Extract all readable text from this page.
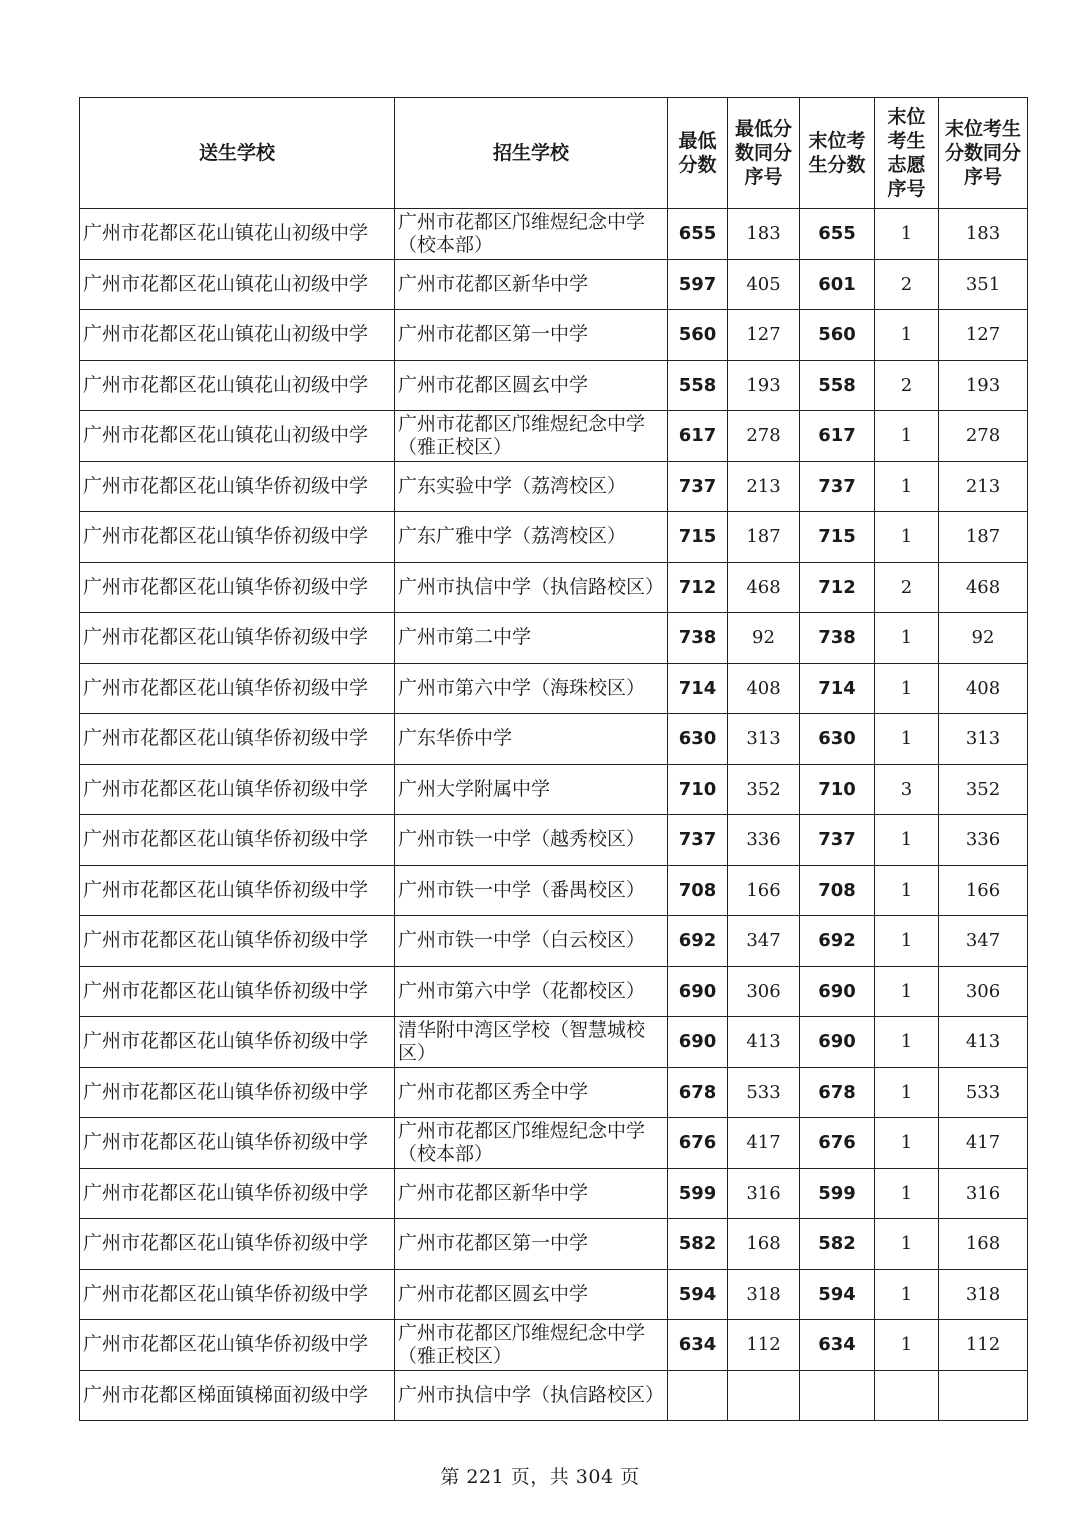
送生学校	招生学校	最低分数	最低分数同分序号	末位考生分数	末位考生志愿序号	末位考生分数同分序号
广州市花都区花山镇花山初级中学	广州市花都区邝维煜纪念中学（校本部）	655	183	655	1	183
广州市花都区花山镇花山初级中学	广州市花都区新华中学	597	405	601	2	351
广州市花都区花山镇花山初级中学	广州市花都区第一中学	560	127	560	1	127
广州市花都区花山镇花山初级中学	广州市花都区圆玄中学	558	193	558	2	193
广州市花都区花山镇花山初级中学	广州市花都区邝维煜纪念中学（雅正校区）	617	278	617	1	278
广州市花都区花山镇华侨初级中学	广东实验中学（荔湾校区）	737	213	737	1	213
广州市花都区花山镇华侨初级中学	广东广雅中学（荔湾校区）	715	187	715	1	187
广州市花都区花山镇华侨初级中学	广州市执信中学（执信路校区）	712	468	712	2	468
广州市花都区花山镇华侨初级中学	广州市第二中学	738	92	738	1	92
广州市花都区花山镇华侨初级中学	广州市第六中学（海珠校区）	714	408	714	1	408
广州市花都区花山镇华侨初级中学	广东华侨中学	630	313	630	1	313
广州市花都区花山镇华侨初级中学	广州大学附属中学	710	352	710	3	352
广州市花都区花山镇华侨初级中学	广州市铁一中学（越秀校区）	737	336	737	1	336
广州市花都区花山镇华侨初级中学	广州市铁一中学（番禺校区）	708	166	708	1	166
广州市花都区花山镇华侨初级中学	广州市铁一中学（白云校区）	692	347	692	1	347
广州市花都区花山镇华侨初级中学	广州市第六中学（花都校区）	690	306	690	1	306
广州市花都区花山镇华侨初级中学	清华附中湾区学校（智慧城校区）	690	413	690	1	413
广州市花都区花山镇华侨初级中学	广州市花都区秀全中学	678	533	678	1	533
广州市花都区花山镇华侨初级中学	广州市花都区邝维煜纪念中学（校本部）	676	417	676	1	417
广州市花都区花山镇华侨初级中学	广州市花都区新华中学	599	316	599	1	316
广州市花都区花山镇华侨初级中学	广州市花都区第一中学	582	168	582	1	168
广州市花都区花山镇华侨初级中学	广州市花都区圆玄中学	594	318	594	1	318
广州市花都区花山镇华侨初级中学	广州市花都区邝维煜纪念中学（雅正校区）	634	112	634	1	112
广州市花都区梯面镇梯面初级中学	广州市执信中学（执信路校区）					
第 221 页，共 304 页
